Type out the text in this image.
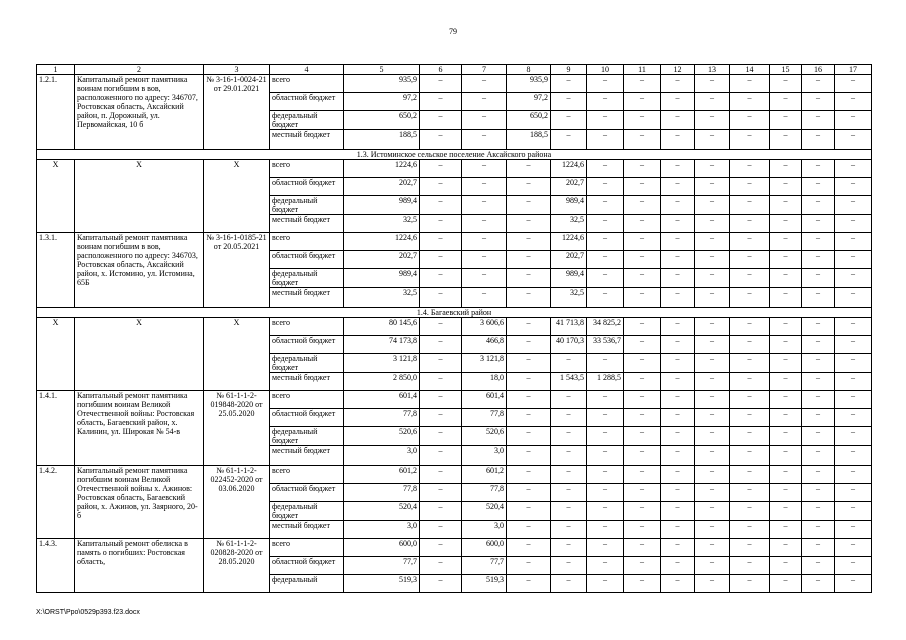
79
1	2	3	4	5	6	7	8	9	10	11	12	13	14	15	16	17
1.2.1.	Капитальный ремонт памятника воинам погибшим в вов, расположенного по адресу: 346707, Ростовская область, Аксайский район, п. Дорожный, ул. Первомайская, 10 б	№ 3-16-1-0024-21 от 29.01.2021	всего	935,9	–	–	935,9	–	–	–	–	–	–	–	–	–
			областной бюджет	97,2	–	–	97,2	–	–	–	–	–	–	–	–	–
			федеральный бюджет	650,2	–	–	650,2	–	–	–	–	–	–	–	–	–
			местный бюджет	188,5	–	–	188,5	–	–	–	–	–	–	–	–	–
1.3. Истоминское сельское поселение Аксайского района																
Х	Х	Х	всего	1224,6	–	–	–	1224,6	–	–	–	–	–	–	–	–
			областной бюджет	202,7	–	–	–	202,7	–	–	–	–	–	–	–	–
			федеральный бюджет	989,4	–	–	–	989,4	–	–	–	–	–	–	–	–
			местный бюджет	32,5	–	–	–	32,5	–	–	–	–	–	–	–	–
1.3.1.	Капитальный ремонт памятника воинам погибшим в вов, расположенного по адресу: 346703, Ростовская область, Аксайский район, х. Истомино, ул. Истомина, 65Б	№ 3-16-1-0185-21 от 20.05.2021	всего	1224,6	–	–	–	1224,6	–	–	–	–	–	–	–	–
			областной бюджет	202,7	–	–	–	202,7	–	–	–	–	–	–	–	–
			федеральный бюджет	989,4	–	–	–	989,4	–	–	–	–	–	–	–	–
			местный бюджет	32,5	–	–	–	32,5	–	–	–	–	–	–	–	–
1.4. Багаевский район																
Х	Х	Х	всего	80 145,6	–	3 606,6	–	41 713,8	34 825,2	–	–	–	–	–	–	–
			областной бюджет	74 173,8	–	466,8	–	40 170,3	33 536,7	–	–	–	–	–	–	–
			федеральный бюджет	3 121,8	–	3 121,8	–	–	–	–	–	–	–	–	–	–
			местный бюджет	2 850,0	–	18,0	–	1 543,5	1 288,5	–	–	–	–	–	–	–
1.4.1.	Капитальный ремонт памятника погибшим воинам Великой Отечественной войны: Ростовская область, Багаевский район, х. Калинин, ул. Широкая № 54-в	№ 61-1-1-2-019848-2020 от 25.05.2020	всего	601,4	–	601,4	–	–	–	–	–	–	–	–	–	–
			областной бюджет	77,8	–	77,8	–	–	–	–	–	–	–	–	–	–
			федеральный бюджет	520,6	–	520,6	–	–	–	–	–	–	–	–	–	–
			местный бюджет	3,0	–	3,0	–	–	–	–	–	–	–	–	–	–
1.4.2.	Капитальный ремонт памятника погибшим воинам Великой Отечественной войны х. Ажинов: Ростовская область, Багаевский район, х. Ажинов, ул. Заярного, 20-б	№ 61-1-1-2-022452-2020 от 03.06.2020	всего	601,2	–	601,2	–	–	–	–	–	–	–	–	–	–
			областной бюджет	77,8	–	77,8	–	–	–	–	–	–	–	–	–	–
			федеральный бюджет	520,4	–	520,4	–	–	–	–	–	–	–	–	–	–
			местный бюджет	3,0	–	3,0	–	–	–	–	–	–	–	–	–	–
1.4.3.	Капитальный ремонт обелиска в память о погибших: Ростовская область,	№ 61-1-1-2-020828-2020 от 28.05.2020	всего	600,0	–	600,0	–	–	–	–	–	–	–	–	–	–
			областной бюджет	77,7	–	77,7	–	–	–	–	–	–	–	–	–	–
			федеральный	519,3	–	519,3	–	–	–	–	–	–	–	–	–	–
X:\ORST\Ppo\0529p393.f23.docx
